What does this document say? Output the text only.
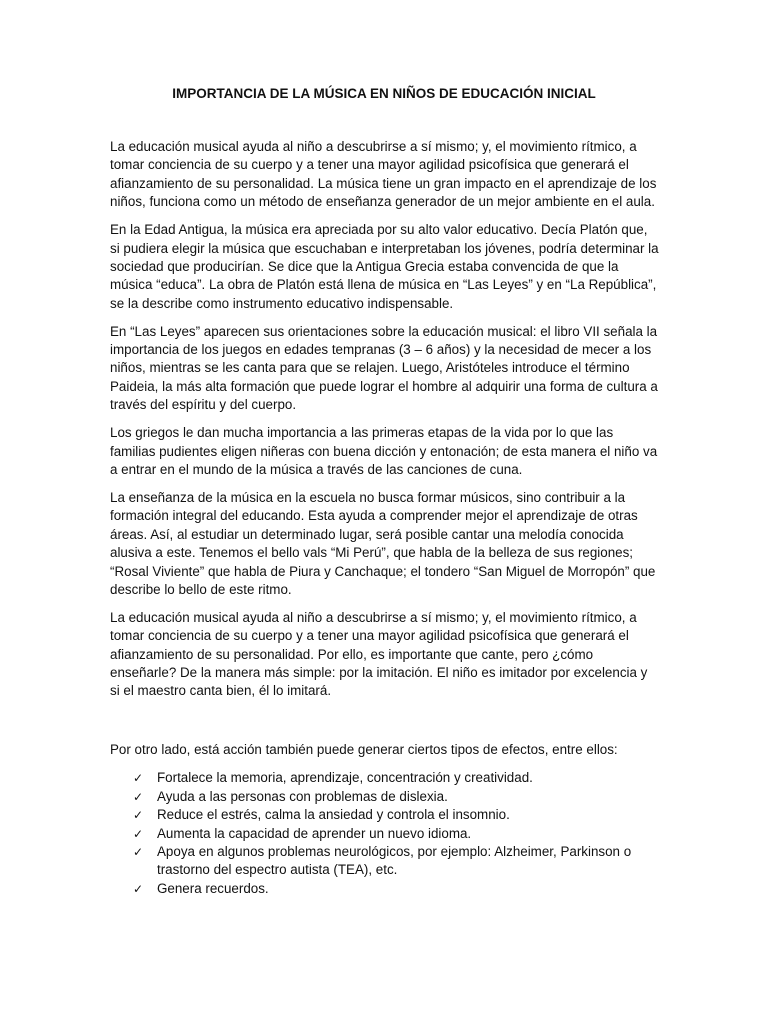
IMPORTANCIA DE LA MÚSICA EN NIÑOS DE EDUCACIÓN INICIAL

La educación musical ayuda al niño a descubrirse a sí mismo; y, el movimiento rítmico, a tomar conciencia de su cuerpo y a tener una mayor agilidad psicofísica que generará el afianzamiento de su personalidad. La música tiene un gran impacto en el aprendizaje de los niños, funciona como un método de enseñanza generador de un mejor ambiente en el aula.

En la Edad Antigua, la música era apreciada por su alto valor educativo. Decía Platón que, si pudiera elegir la música que escuchaban e interpretaban los jóvenes, podría determinar la sociedad que producirían. Se dice que la Antigua Grecia estaba convencida de que la música “educa”. La obra de Platón está llena de música en “Las Leyes” y en “La República”, se la describe como instrumento educativo indispensable.

En “Las Leyes” aparecen sus orientaciones sobre la educación musical: el libro VII señala la importancia de los juegos en edades tempranas (3 – 6 años) y la necesidad de mecer a los niños, mientras se les canta para que se relajen. Luego, Aristóteles introduce el término Paideia, la más alta formación que puede lograr el hombre al adquirir una forma de cultura a través del espíritu y del cuerpo.

Los griegos le dan mucha importancia a las primeras etapas de la vida por lo que las familias pudientes eligen niñeras con buena dicción y entonación; de esta manera el niño va a entrar en el mundo de la música a través de las canciones de cuna.

La enseñanza de la música en la escuela no busca formar músicos, sino contribuir a la formación integral del educando. Esta ayuda a comprender mejor el aprendizaje de otras áreas. Así, al estudiar un determinado lugar, será posible cantar una melodía conocida alusiva a este. Tenemos el bello vals “Mi Perú”, que habla de la belleza de sus regiones; “Rosal Viviente” que habla de Piura y Canchaque; el tondero “San Miguel de Morropón” que describe lo bello de este ritmo.

La educación musical ayuda al niño a descubrirse a sí mismo; y, el movimiento rítmico, a tomar conciencia de su cuerpo y a tener una mayor agilidad psicofísica que generará el afianzamiento de su personalidad. Por ello, es importante que cante, pero ¿cómo enseñarle? De la manera más simple: por la imitación. El niño es imitador por excelencia y si el maestro canta bien, él lo imitará.

Por otro lado, está acción también puede generar ciertos tipos de efectos, entre ellos:

✓ Fortalece la memoria, aprendizaje, concentración y creatividad.
✓ Ayuda a las personas con problemas de dislexia.
✓ Reduce el estrés, calma la ansiedad y controla el insomnio.
✓ Aumenta la capacidad de aprender un nuevo idioma.
✓ Apoya en algunos problemas neurológicos, por ejemplo: Alzheimer, Parkinson o trastorno del espectro autista (TEA), etc.
✓ Genera recuerdos.
